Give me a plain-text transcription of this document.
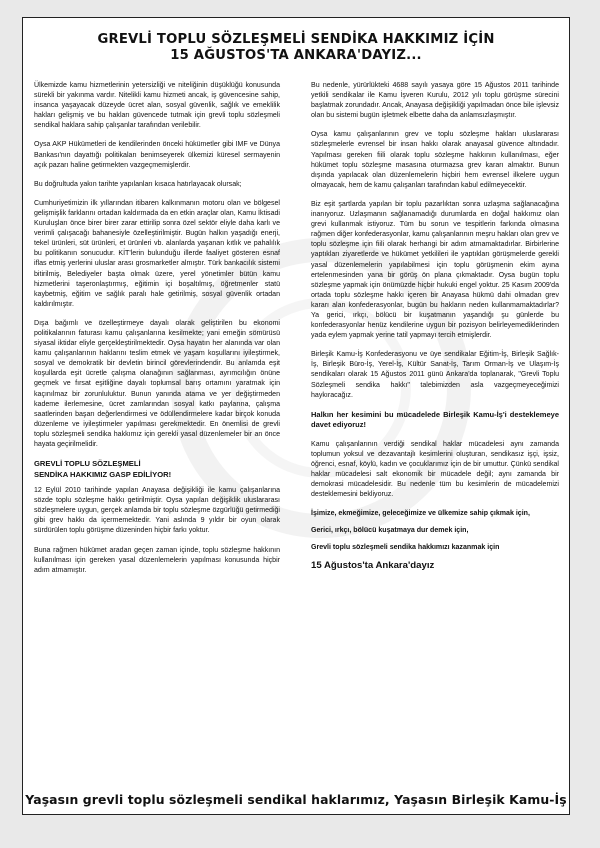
GREVLİ TOPLU SÖZLEŞMELİ SENDİKA HAKKIMIZ İÇİN
15 AĞUSTOS'TA ANKARA'DAYIZ...

Ülkemizde kamu hizmetlerinin yetersizliği ve niteliğinin düşüklüğü konusunda sürekli bir yakınma vardır. Nitelikli kamu hizmeti ancak, iş güvencesine sahip, insanca yaşayacak düzeyde ücret alan, sosyal güvenlik, sağlık ve emeklilik hakları gelişmiş ve bu hakları güvencede tutmak için grevli toplu sözleşmeli sendikal haklara sahip çalışanlar tarafından verilebilir.

Oysa AKP Hükümetleri de kendilerinden önceki hükümetler gibi IMF ve Dünya Bankası'nın dayattığı politikaları benimseyerek ülkemizi küresel sermayenin açık pazarı haline getirmekten vazgeçmemişlerdir.

Bu doğrultuda yakın tarihte yapılanları kısaca hatırlayacak olursak;

Cumhuriyetimizin ilk yıllarından itibaren kalkınmanın motoru olan ve bölgesel gelişmişlik farklarını ortadan kaldırmada da en etkin araçlar olan, Kamu İktisadi Kuruluşları önce birer birer zarar ettirilip sonra özel sektör eliyle daha karlı ve verimli çalışacağı bahanesiyle özelleştirilmiştir. Bugün halkın yaşadığı enerji, tekel ürünleri, süt ürünleri, et ürünleri vb. alanlarda yaşanan kıtlık ve pahalılık bu politikanın sonucudur. KİT'lerin bulunduğu illerde faaliyet gösteren esnaf iflas etmiş yerlerini uluslar arası grosmarketler almıştır. Türk bankacılık sistemi bitirilmiş, Belediyeler başta olmak üzere, yerel yönetimler bütün kamu hizmetlerini taşeronlaştırmış, eğitimin içi boşaltılmış, öğretmenler statü kaybetmiş, eğitim ve sağlık paralı hale getirilmiş, sosyal güvenlik ortadan kaldırılmıştır.

Dışa bağımlı ve özelleştirmeye dayalı olarak geliştirilen bu ekonomi politikalarının faturası kamu çalışanlarına kesilmekte; yani emeğin sömürüsü siyasal iktidar eliyle gerçekleştirilmektedir. Oysa hayatın her alanında var olan kamu çalışanlarının haklarını teslim etmek ve yaşam koşullarını iyileştirmek, sosyal ve demokratik bir devletin birincil görevlerindendir. Bu anlamda eşit koşullarda eşit ücretle çalışma olanağının sağlanması, ayrımcılığın önüne geçmek ve fırsat eşitliğine dayalı toplumsal barış ortamını yaratmak için kaçınılmaz bir zorunluluktur. Bunun yanında atama ve yer değiştirmeden kademe ilerlemesine, ücret zamlarından sosyal katkı paylarına, çalışma saatlerinden başarı değerlendirmesi ve ödüllendirmelere kadar birçok konuda düzenleme ve iyileştirmeler yapılması gerekmektedir. En önemlisi de grevli toplu sözleşmeli sendika hakkımız için gerekli yasal düzenlemeler bir an önce hayata geçirilmelidir.

GREVLİ TOPLU SÖZLEŞMELİ
SENDİKA HAKKIMIZ GASP EDİLİYOR!

12 Eylül 2010 tarihinde yapılan Anayasa değişikliği ile kamu çalışanlarına sözde toplu sözleşme hakkı getirilmiştir. Oysa yapılan değişiklik uluslararası sözleşmelere uygun, gerçek anlamda bir toplu sözleşme özgürlüğü getirmediği gibi grev hakkı da içermemektedir. Yani aslında 9 yıldır bir oyun olarak sürdürülen toplu görüşme düzeninden hiçbir farkı yoktur.

Buna rağmen hükümet aradan geçen zaman içinde, toplu sözleşme hakkının kullanılması için gereken yasal düzenlemelerin yapılması konusunda hiçbir adım atmamıştır.

Bu nedenle, yürürlükteki 4688 sayılı yasaya göre 15 Ağustos 2011 tarihinde yetkili sendikalar ile Kamu İşveren Kurulu, 2012 yılı toplu görüşme sürecini başlatmak zorundadır. Ancak, Anayasa değişikliği yapılmadan önce bile işlevsiz olan bu sistemi bugün işletmek elbette daha da anlamsızlaşmıştır.

Oysa kamu çalışanlarının grev ve toplu sözleşme hakları uluslararası sözleşmelerle evrensel bir insan hakkı olarak anayasal güvence altındadır. Yapılması gereken fiili olarak toplu sözleşme hakkının kullanılması, eğer hükümet toplu sözleşme masasına oturmazsa grev kararı almaktır. Bunun dışında yapılacak olan düzenlemelerin hiçbiri hem evrensel ilkelere uygun olmayacak, hem de kamu çalışanları tarafından kabul edilmeyecektir.

Biz eşit şartlarda yapılan bir toplu pazarlıktan sonra uzlaşma sağlanacağına inanıyoruz. Uzlaşmanın sağlanamadığı durumlarda en doğal hakkımız olan grevi kullanmak istiyoruz. Tüm bu sorun ve tespitlerin farkında olmasına rağmen diğer konfederasyonlar, kamu çalışanlarının meşru hakları olan grev ve toplu sözleşme için fiili olarak herhangi bir adım atmamaktadırlar. Birbirlerine yaptıkları ziyaretlerde ve hükümet yetkilileri ile yaptıkları görüşmelerde gerekli yasal düzenlemelerin yapılabilmesi için toplu görüşmenin ekim ayına ertelenmesinden yana bir görüş ön plana çıkmaktadır. Oysa bugün toplu sözleşme yapmak için önümüzde hiçbir hukuki engel yoktur. 25 Kasım 2009'da ortada toplu sözleşme hakkı içeren bir Anayasa hükmü dahi olmadan grev kararı alan konfederasyonlar, bugün bu hakların neden kullanmamaktadırlar? Ya gerici, ırkçı, bölücü bir kuşatmanın yaşandığı şu günlerde bu konfederasyonlar henüz kendilerine uygun bir pozisyon belirleyemediklerinden yada eylem yapmak yerine tatil yapmayı tercih etmişlerdir.

Birleşik Kamu-İş Konfederasyonu ve üye sendikalar Eğitim-İş, Birleşik Sağlık-İş, Birleşik Büro-İş, Yerel-İş, Kültür Sanat-İş, Tarım Orman-İş ve Ulaşım-İş sendikaları olarak 15 Ağustos 2011 günü Ankara'da toplanarak, "Grevli Toplu Sözleşmeli sendika hakkı" talebimizden asla vazgeçmeyeceğimizi haykıracağız.

Halkın her kesimini bu mücadelede Birleşik Kamu-İş'i desteklemeye davet ediyoruz!

Kamu çalışanlarının verdiği sendikal haklar mücadelesi aynı zamanda toplumun yoksul ve dezavantajlı kesimlerini oluşturan, sendikasız işçi, işsiz, öğrenci, esnaf, köylü, kadın ve çocuklarımız için de bir umuttur. Çünkü sendikal haklar mücadelesi salt ekonomik bir mücadele değil; aynı zamanda bir demokrasi mücadelesidir. Bu nedenle tüm bu kesimlerin de mücadelemizi desteklemesini bekliyoruz.

İşimize, ekmeğimize, geleceğimize ve ülkemize sahip çıkmak için,

Gerici, ırkçı, bölücü kuşatmaya dur demek için,

Grevli toplu sözleşmeli sendika hakkımızı kazanmak için

15 Ağustos'ta Ankara'dayız
Yaşasın grevli toplu sözleşmeli sendikal haklarımız, Yaşasın Birleşik Kamu-İş
